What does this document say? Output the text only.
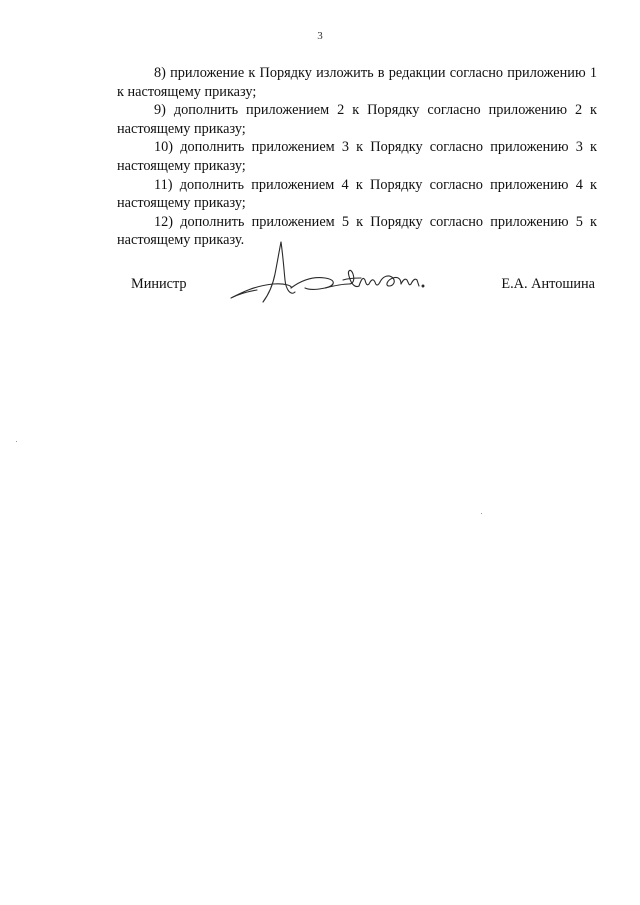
3

8) приложение к Порядку изложить в редакции согласно приложению 1 к настоящему приказу;

9) дополнить приложением 2 к Порядку согласно приложению 2 к настоящему приказу;

10) дополнить приложением 3 к Порядку согласно приложению 3 к настоящему приказу;

11) дополнить приложением 4 к Порядку согласно приложению 4 к настоящему приказу;

12) дополнить приложением 5 к Порядку согласно приложению 5 к настоящему приказу.

Министр	Е.А. Антошина
